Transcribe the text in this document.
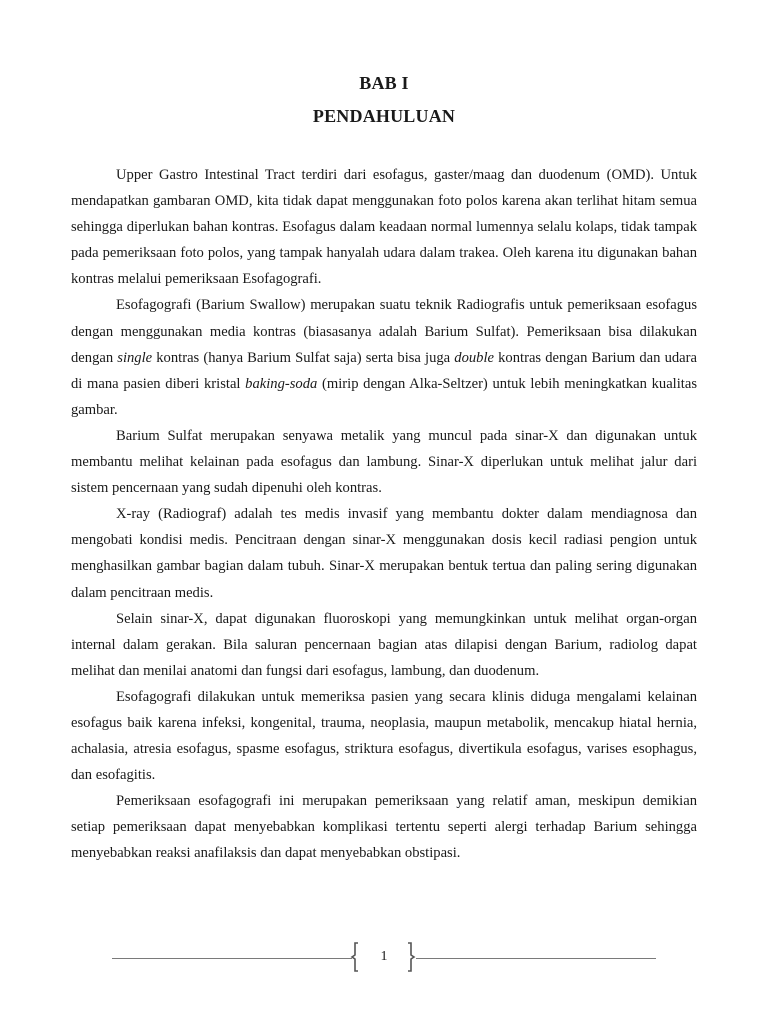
BAB I
PENDAHULUAN

Upper Gastro Intestinal Tract terdiri dari esofagus, gaster/maag dan duodenum (OMD). Untuk mendapatkan gambaran OMD, kita tidak dapat menggunakan foto polos karena akan terlihat hitam semua sehingga diperlukan bahan kontras. Esofagus dalam keadaan normal lumennya selalu kolaps, tidak tampak pada pemeriksaan foto polos, yang tampak hanyalah udara dalam trakea. Oleh karena itu digunakan bahan kontras melalui pemeriksaan Esofagografi.

Esofagografi (Barium Swallow) merupakan suatu teknik Radiografis untuk pemeriksaan esofagus dengan menggunakan media kontras (biasasanya adalah Barium Sulfat). Pemeriksaan bisa dilakukan dengan single kontras (hanya Barium Sulfat saja) serta bisa juga double kontras dengan Barium dan udara di mana pasien diberi kristal baking-soda (mirip dengan Alka-Seltzer) untuk lebih meningkatkan kualitas gambar.

Barium Sulfat merupakan senyawa metalik yang muncul pada sinar-X dan digunakan untuk membantu melihat kelainan pada esofagus dan lambung. Sinar-X diperlukan untuk melihat jalur dari sistem pencernaan yang sudah dipenuhi oleh kontras.

X-ray (Radiograf) adalah tes medis invasif yang membantu dokter dalam mendiagnosa dan mengobati kondisi medis. Pencitraan dengan sinar-X menggunakan dosis kecil radiasi pengion untuk menghasilkan gambar bagian dalam tubuh. Sinar-X merupakan bentuk tertua dan paling sering digunakan dalam pencitraan medis.

Selain sinar-X, dapat digunakan fluoroskopi yang memungkinkan untuk melihat organ-organ internal dalam gerakan. Bila saluran pencernaan bagian atas dilapisi dengan Barium, radiolog dapat melihat dan menilai anatomi dan fungsi dari esofagus, lambung, dan duodenum.

Esofagografi dilakukan untuk memeriksa pasien yang secara klinis diduga mengalami kelainan esofagus baik karena infeksi, kongenital, trauma, neoplasia, maupun metabolik, mencakup hiatal hernia, achalasia, atresia esofagus, spasme esofagus, striktura esofagus, divertikula esofagus, varises esophagus, dan esofagitis.

Pemeriksaan esofagografi ini merupakan pemeriksaan yang relatif aman, meskipun demikian setiap pemeriksaan dapat menyebabkan komplikasi tertentu seperti alergi terhadap Barium sehingga menyebabkan reaksi anafilaksis dan dapat menyebabkan obstipasi.

1
